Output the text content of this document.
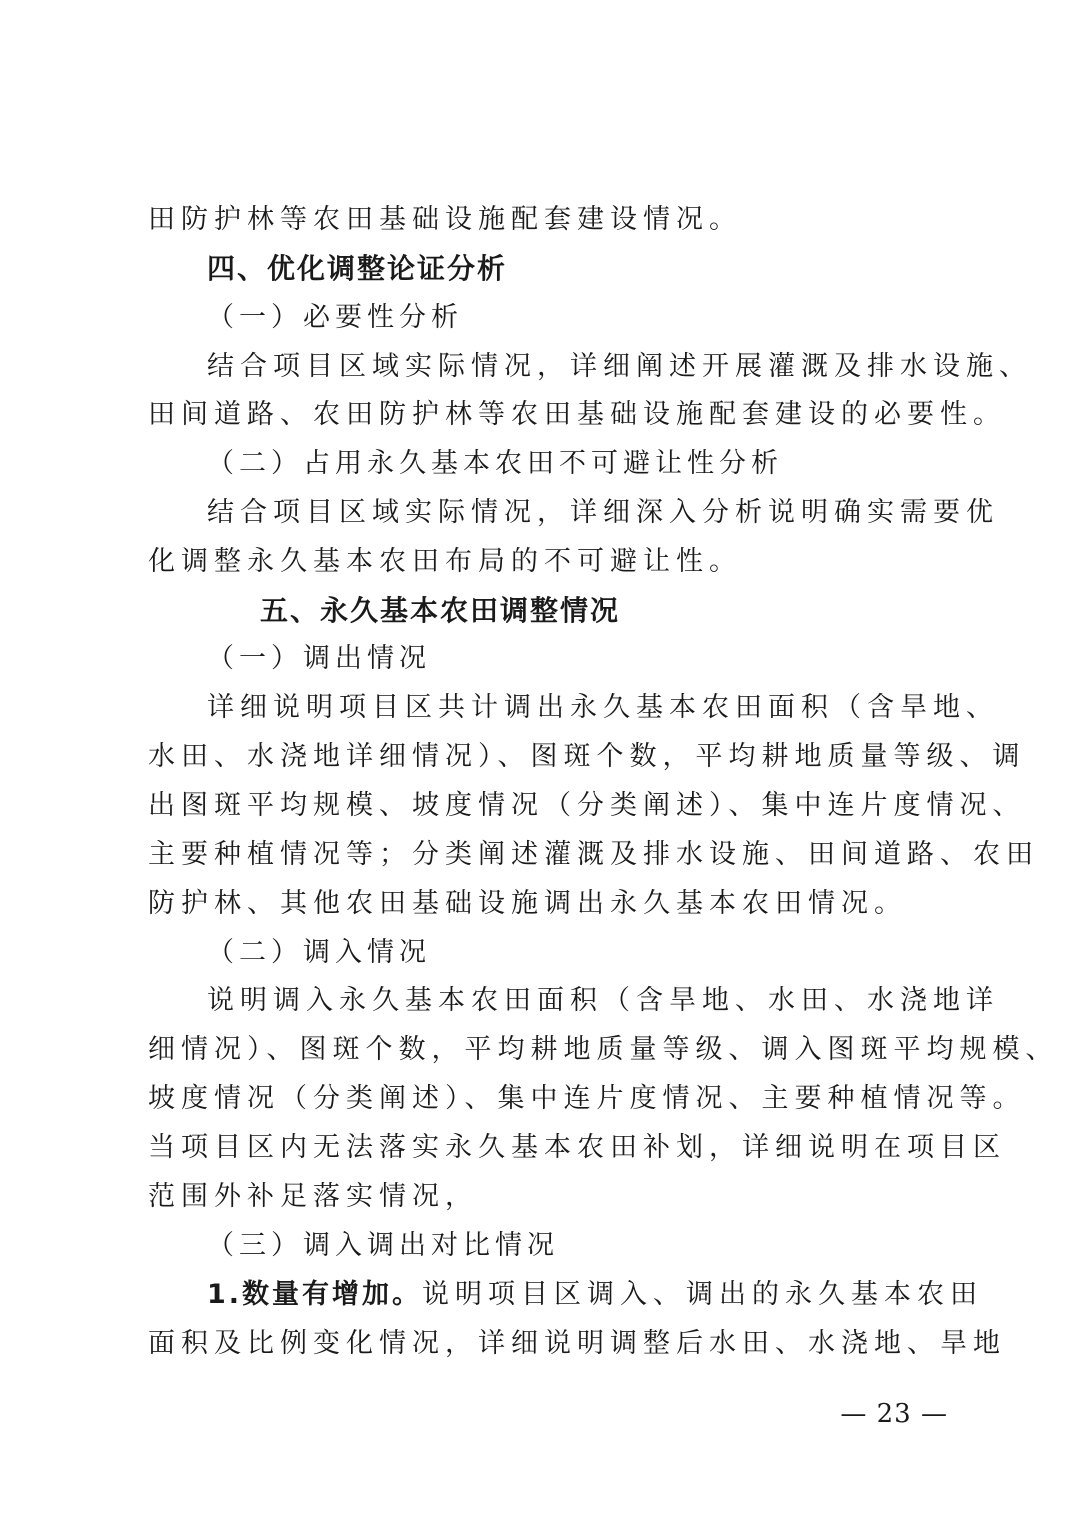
田防护林等农田基础设施配套建设情况。
四、优化调整论证分析
（一）必要性分析
结合项目区域实际情况，详细阐述开展灌溉及排水设施、
田间道路、农田防护林等农田基础设施配套建设的必要性。
（二）占用永久基本农田不可避让性分析
结合项目区域实际情况，详细深入分析说明确实需要优
化调整永久基本农田布局的不可避让性。
五、永久基本农田调整情况
（一）调出情况
详细说明项目区共计调出永久基本农田面积（含旱地、
水田、水浇地详细情况）、图斑个数，平均耕地质量等级、调
出图斑平均规模、坡度情况（分类阐述）、集中连片度情况、
主要种植情况等；分类阐述灌溉及排水设施、田间道路、农田
防护林、其他农田基础设施调出永久基本农田情况。
（二）调入情况
说明调入永久基本农田面积（含旱地、水田、水浇地详
细情况）、图斑个数，平均耕地质量等级、调入图斑平均规模、
坡度情况（分类阐述）、集中连片度情况、主要种植情况等。
当项目区内无法落实永久基本农田补划，详细说明在项目区
范围外补足落实情况，
（三）调入调出对比情况
1.数量有增加。说明项目区调入、调出的永久基本农田
面积及比例变化情况，详细说明调整后水田、水浇地、旱地
— 23 —
